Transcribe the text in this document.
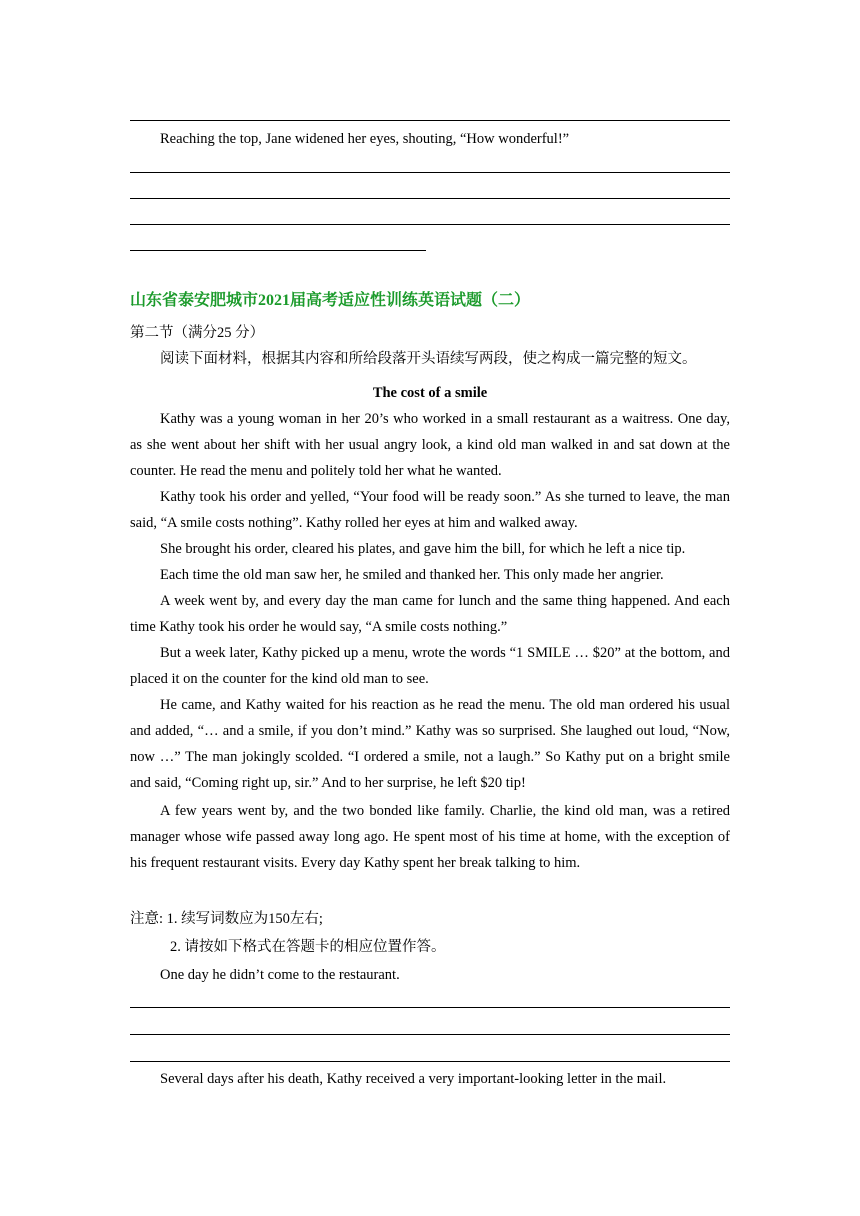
Reaching the top, Jane widened her eyes, shouting, “How wonderful!”
山东省泰安肥城市2021届高考适应性训练英语试题（二）
第二节（满分25 分）
阅读下面材料，根据其内容和所给段落开头语续写两段，使之构成一篇完整的短文。
The cost of a smile
Kathy was a young woman in her 20’s who worked in a small restaurant as a waitress. One day, as she went about her shift with her usual angry look, a kind old man walked in and sat down at the counter. He read the menu and politely told her what he wanted.
Kathy took his order and yelled, “Your food will be ready soon.” As she turned to leave, the man said, “A smile costs nothing”. Kathy rolled her eyes at him and walked away.
She brought his order, cleared his plates, and gave him the bill, for which he left a nice tip.
Each time the old man saw her, he smiled and thanked her. This only made her angrier.
A week went by, and every day the man came for lunch and the same thing happened. And each time Kathy took his order he would say, “A smile costs nothing.”
But a week later, Kathy picked up a menu, wrote the words “1 SMILE … $20” at the bottom, and placed it on the counter for the kind old man to see.
He came, and Kathy waited for his reaction as he read the menu. The old man ordered his usual and added, “… and a smile, if you don’t mind.” Kathy was so surprised. She laughed out loud, “Now, now …” The man jokingly scolded. “I ordered a smile, not a laugh.” So Kathy put on a bright smile and said, “Coming right up, sir.” And to her surprise, he left $20 tip!
A few years went by, and the two bonded like family. Charlie, the kind old man, was a retired manager whose wife passed away long ago. He spent most of his time at home, with the exception of his frequent restaurant visits. Every day Kathy spent her break talking to him.
注意: 1. 续写词数应为150左右;
2. 请按如下格式在答题卡的相应位置作答。
One day he didn’t come to the restaurant.
Several days after his death, Kathy received a very important-looking letter in the mail.
